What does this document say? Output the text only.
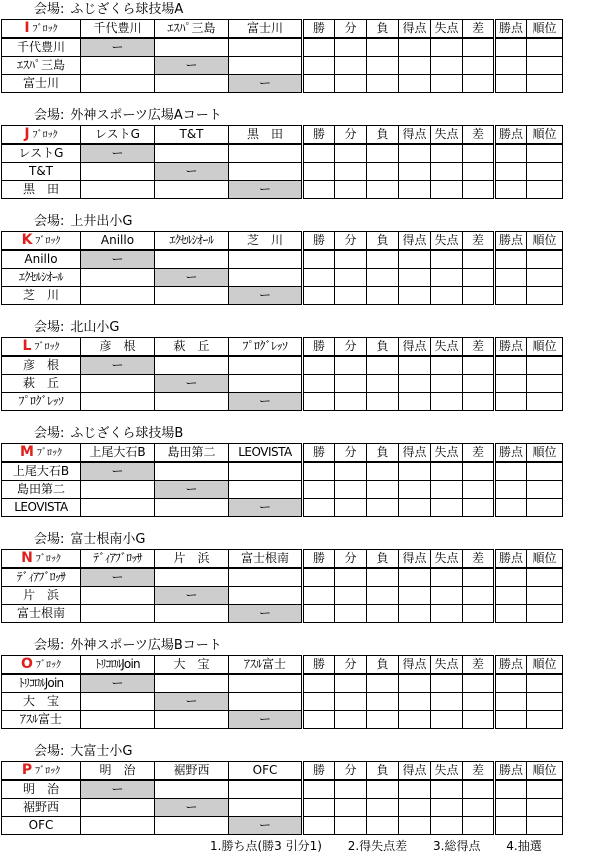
会場: ふじざくら球技場A
I ﾌﾞﾛｯｸ	千代豊川	ｴｽﾊﾟ三島	富士川	勝	分	負	得点	失点	差	勝点	順位
千代豊川	ー										
ｴｽﾊﾟ三島		ー									
富士川			ー								
会場: 外神スポーツ広場Aコート
J ﾌﾞﾛｯｸ	レストG	T&T	黒　田	勝	分	負	得点	失点	差	勝点	順位
レストG	ー										
T&T		ー									
黒　田			ー								
会場: 上井出小G
K ﾌﾞﾛｯｸ	Anillo	ｴｸｾﾙｼｵｰﾙ	芝　川	勝	分	負	得点	失点	差	勝点	順位
Anillo	ー										
ｴｸｾﾙｼｵｰﾙ		ー									
芝　川			ー								
会場: 北山小G
L ﾌﾞﾛｯｸ	彦　根	萩　丘	ﾌﾟﾛｸﾞﾚｯｿ	勝	分	負	得点	失点	差	勝点	順位
彦　根	ー										
萩　丘		ー									
ﾌﾟﾛｸﾞﾚｯｿ			ー								
会場: ふじざくら球技場B
M ﾌﾞﾛｯｸ	上尾大石B	島田第二	LEOVISTA	勝	分	負	得点	失点	差	勝点	順位
上尾大石B	ー										
島田第二		ー									
LEOVISTA			ー								
会場: 富士根南小G
N ﾌﾞﾛｯｸ	ﾃﾞｨｱﾌﾞﾛｯｻ	片　浜	富士根南	勝	分	負	得点	失点	差	勝点	順位
ﾃﾞｨｱﾌﾞﾛｯｻ	ー										
片　浜		ー									
富士根南			ー								
会場: 外神スポーツ広場Bコート
O ﾌﾞﾛｯｸ	ﾄﾘｺﾛﾙJoin	大　宝	ｱｽﾙ富士	勝	分	負	得点	失点	差	勝点	順位
ﾄﾘｺﾛﾙJoin	ー										
大　宝		ー									
ｱｽﾙ富士			ー								
会場: 大富士小G
P ﾌﾞﾛｯｸ	明　治	裾野西	OFC	勝	分	負	得点	失点	差	勝点	順位
明　治	ー										
裾野西		ー									
OFC			ー								
1.勝ち点(勝3 引分1) 2.得失点差 3.総得点 4.抽選
